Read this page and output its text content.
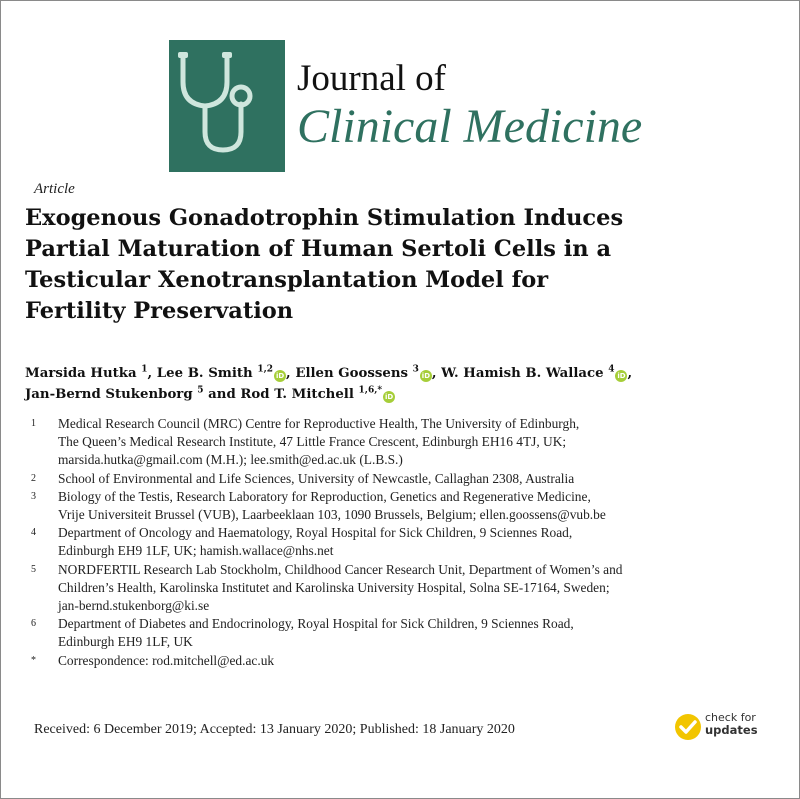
Journal of
Clinical Medicine
Article
Exogenous Gonadotrophin Stimulation Induces
Partial Maturation of Human Sertoli Cells in a
Testicular Xenotransplantation Model for
Fertility Preservation
Marsida Hutka $^1$, Lee B. Smith $^{1,2}$iD , Ellen Goossens $^3$iD , W. Hamish B. Wallace $^4$iD ,
Jan-Bernd Stukenborg $^5$ and Rod T. Mitchell $^{1,6,*}$iD
1	Medical Research Council (MRC) Centre for Reproductive Health, The University of Edinburgh,
The Queen’s Medical Research Institute, 47 Little France Crescent, Edinburgh EH16 4TJ, UK;
marsida.hutka@gmail.com (M.H.); lee.smith@ed.ac.uk (L.B.S.)
2	School of Environmental and Life Sciences, University of Newcastle, Callaghan 2308, Australia
3	Biology of the Testis, Research Laboratory for Reproduction, Genetics and Regenerative Medicine,
Vrije Universiteit Brussel (VUB), Laarbeeklaan 103, 1090 Brussels, Belgium; ellen.goossens@vub.be
4	Department of Oncology and Haematology, Royal Hospital for Sick Children, 9 Sciennes Road,
Edinburgh EH9 1LF, UK; hamish.wallace@nhs.net
5	NORDFERTIL Research Lab Stockholm, Childhood Cancer Research Unit, Department of Women’s and
Children’s Health, Karolinska Institutet and Karolinska University Hospital, Solna SE-17164, Sweden;
jan-bernd.stukenborg@ki.se
6	Department of Diabetes and Endocrinology, Royal Hospital for Sick Children, 9 Sciennes Road,
Edinburgh EH9 1LF, UK
*	Correspondence: rod.mitchell@ed.ac.uk
Received: 6 December 2019; Accepted: 13 January 2020; Published: 18 January 2020
check for
updates
